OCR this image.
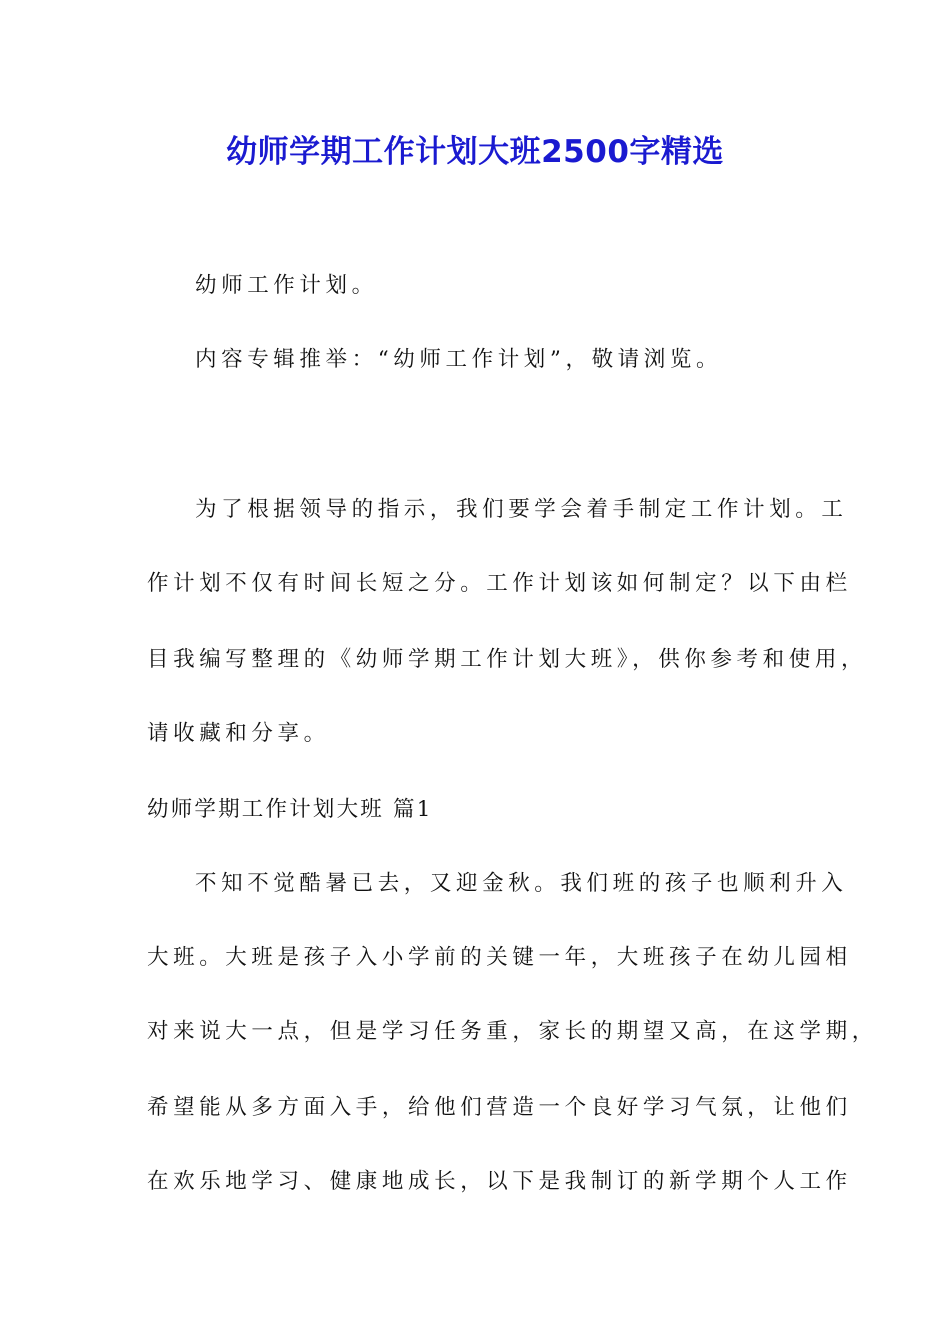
幼师学期工作计划大班2500字精选
幼师工作计划。
内容专辑推举：“幼师工作计划”，敬请浏览。
为了根据领导的指示，我们要学会着手制定工作计划。工
作计划不仅有时间长短之分。工作计划该如何制定？以下由栏
目我编写整理的《幼师学期工作计划大班》，供你参考和使用，
请收藏和分享。
幼师学期工作计划大班 篇1
不知不觉酷暑已去，又迎金秋。我们班的孩子也顺利升入
大班。大班是孩子入小学前的关键一年，大班孩子在幼儿园相
对来说大一点，但是学习任务重，家长的期望又高，在这学期，
希望能从多方面入手，给他们营造一个良好学习气氛，让他们
在欢乐地学习、健康地成长，以下是我制订的新学期个人工作
